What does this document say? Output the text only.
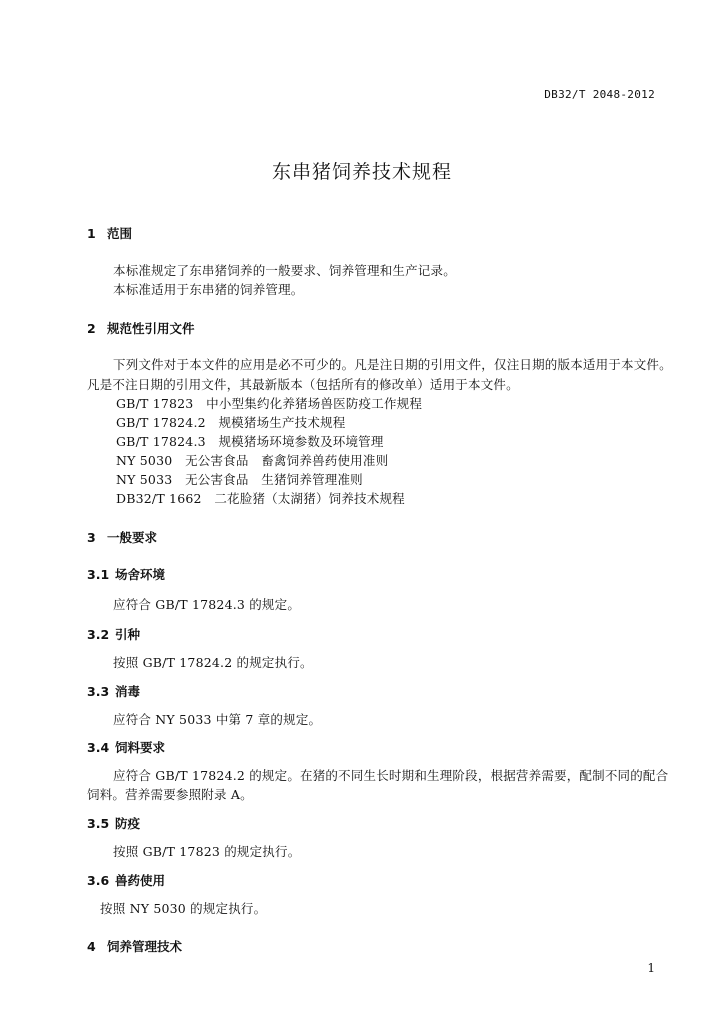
DB32/T 2048-2012
东串猪饲养技术规程
1 范围
本标准规定了东串猪饲养的一般要求、饲养管理和生产记录。
本标准适用于东串猪的饲养管理。
2 规范性引用文件
下列文件对于本文件的应用是必不可少的。凡是注日期的引用文件，仅注日期的版本适用于本文件。
凡是不注日期的引用文件，其最新版本（包括所有的修改单）适用于本文件。
GB/T 17823　中小型集约化养猪场兽医防疫工作规程
GB/T 17824.2　规模猪场生产技术规程
GB/T 17824.3　规模猪场环境参数及环境管理
NY 5030　无公害食品　畜禽饲养兽药使用准则
NY 5033　无公害食品　生猪饲养管理准则
DB32/T 1662　二花脸猪（太湖猪）饲养技术规程
3 一般要求
3.1 场舍环境
应符合 GB/T 17824.3 的规定。
3.2 引种
按照 GB/T 17824.2 的规定执行。
3.3 消毒
应符合 NY 5033 中第 7 章的规定。
3.4 饲料要求
应符合 GB/T 17824.2 的规定。在猪的不同生长时期和生理阶段，根据营养需要，配制不同的配合
饲料。营养需要参照附录 A。
3.5 防疫
按照 GB/T 17823 的规定执行。
3.6 兽药使用
按照 NY 5030 的规定执行。
4 饲养管理技术
1
